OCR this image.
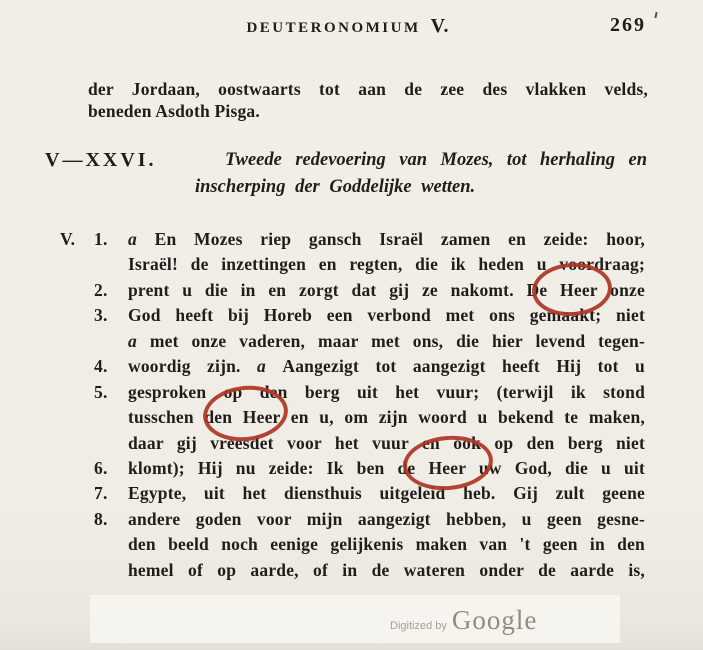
DEUTERONOMIUM V.	269
der Jordaan, oostwaarts tot aan de zee des vlakken velds,
beneden Asdoth Pisga.
V—XXVI.	Tweede redevoering van Mozes, tot herhaling en
inscherping der Goddelijke wetten.
V.	1.	a En Mozes riep gansch Israël zamen en zeide: hoor,
Israël! de inzettingen en regten, die ik heden u voordraag;
2.	prent u die in en zorgt dat gij ze nakomt. De Heer onze
3.	God heeft bij Horeb een verbond met ons gemaakt; niet
a met onze vaderen, maar met ons, die hier levend tegen-
4.	woordig zijn. a Aangezigt tot aangezigt heeft Hij tot u
5.	gesproken op den berg uit het vuur; (terwijl ik stond
tusschen den Heer en u, om zijn woord u bekend te maken,
daar gij vreesdet voor het vuur en ook op den berg niet
6.	klomt); Hij nu zeide: Ik ben de Heer uw God, die u uit
7.	Egypte, uit het diensthuis uitgeleid heb. Gij zult geene
8.	andere goden voor mijn aangezigt hebben, u geen gesne-
den beeld noch eenige gelijkenis maken van 't geen in den
hemel of op aarde, of in de wateren onder de aarde is,
Digitized by Google
